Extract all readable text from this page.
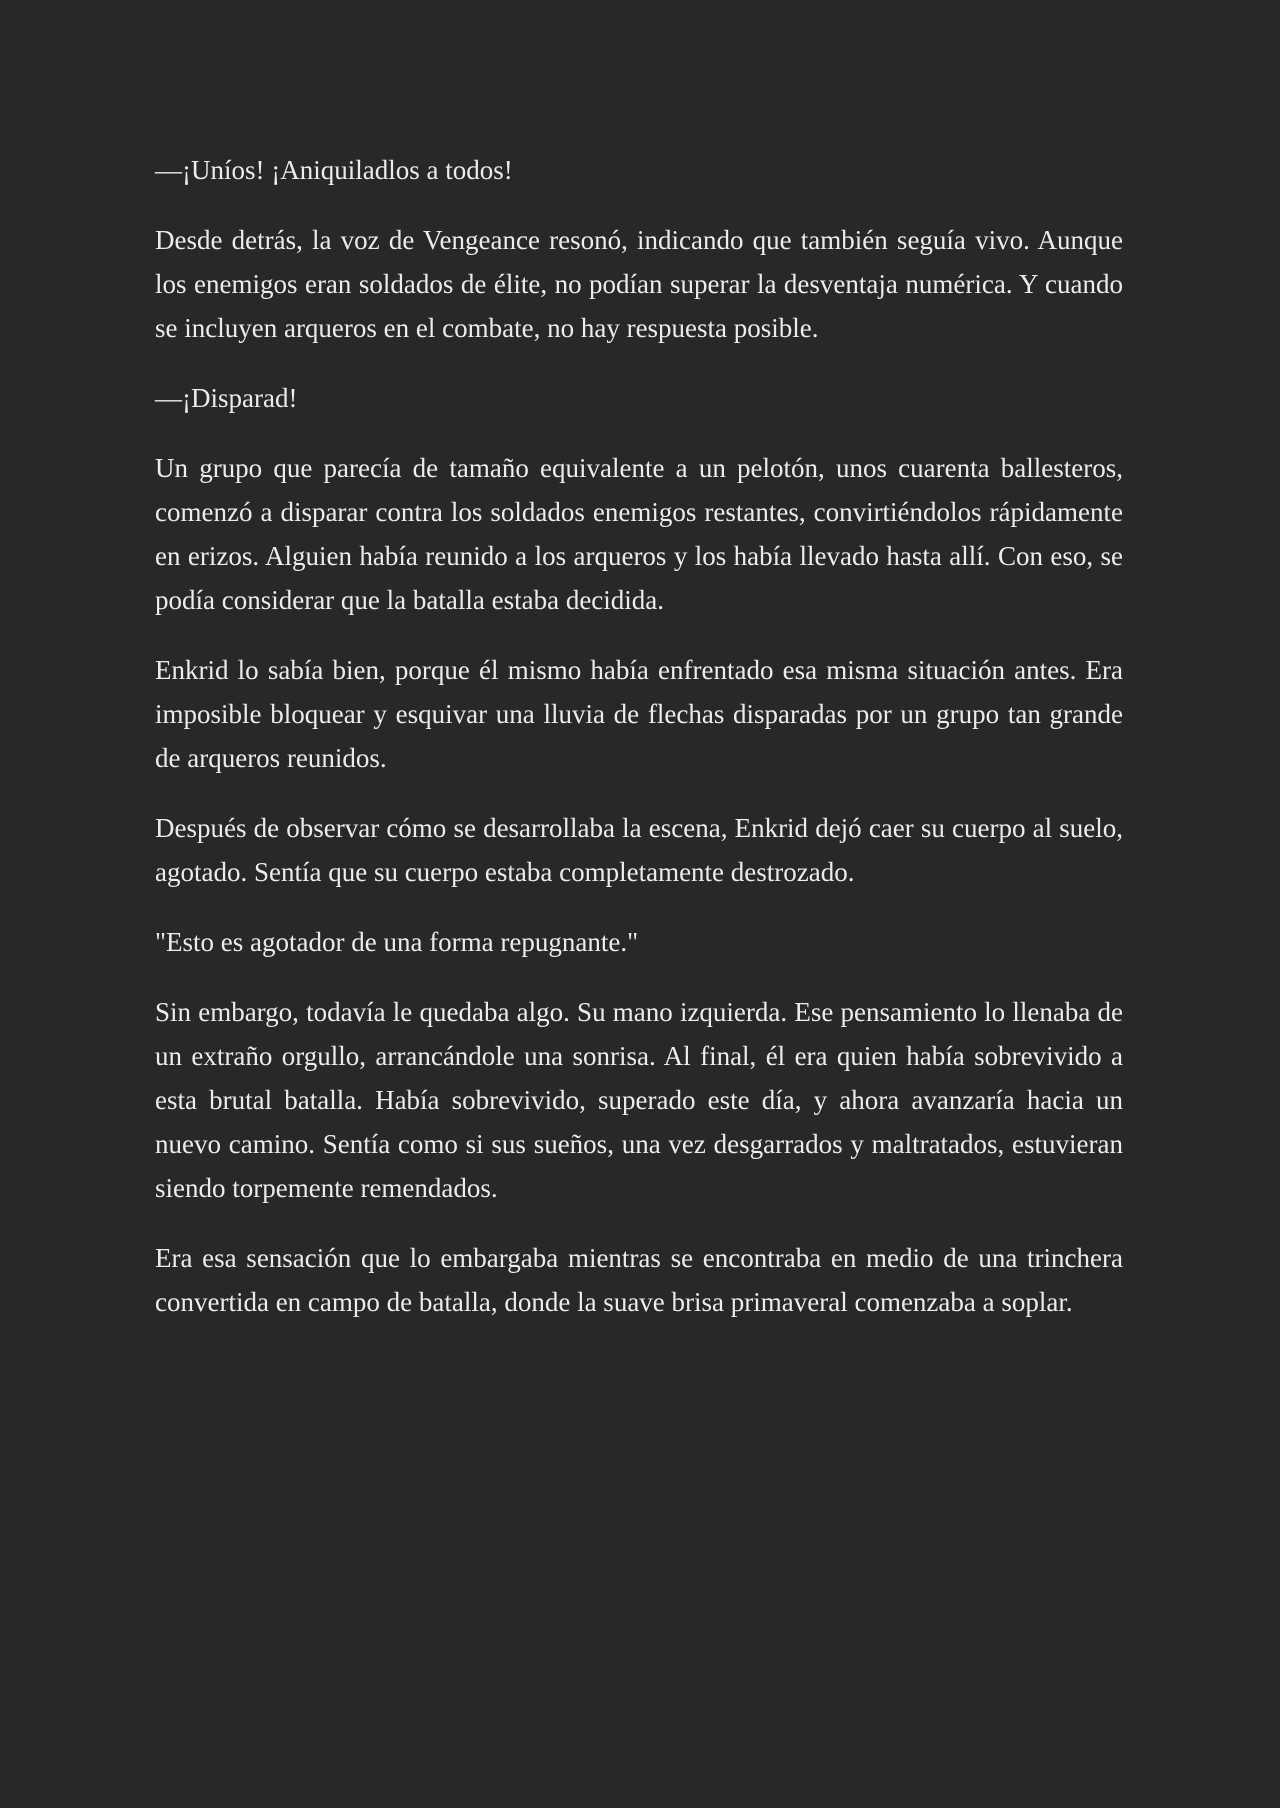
—¡Uníos! ¡Aniquiladlos a todos!

Desde detrás, la voz de Vengeance resonó, indicando que también seguía vivo. Aunque los enemigos eran soldados de élite, no podían superar la desventaja numérica. Y cuando se incluyen arqueros en el combate, no hay respuesta posible.

—¡Disparad!

Un grupo que parecía de tamaño equivalente a un pelotón, unos cuarenta ballesteros, comenzó a disparar contra los soldados enemigos restantes, convirtiéndolos rápidamente en erizos. Alguien había reunido a los arqueros y los había llevado hasta allí. Con eso, se podía considerar que la batalla estaba decidida.

Enkrid lo sabía bien, porque él mismo había enfrentado esa misma situación antes. Era imposible bloquear y esquivar una lluvia de flechas disparadas por un grupo tan grande de arqueros reunidos.

Después de observar cómo se desarrollaba la escena, Enkrid dejó caer su cuerpo al suelo, agotado. Sentía que su cuerpo estaba completamente destrozado.

"Esto es agotador de una forma repugnante."

Sin embargo, todavía le quedaba algo. Su mano izquierda. Ese pensamiento lo llenaba de un extraño orgullo, arrancándole una sonrisa. Al final, él era quien había sobrevivido a esta brutal batalla. Había sobrevivido, superado este día, y ahora avanzaría hacia un nuevo camino. Sentía como si sus sueños, una vez desgarrados y maltratados, estuvieran siendo torpemente remendados.

Era esa sensación que lo embargaba mientras se encontraba en medio de una trinchera convertida en campo de batalla, donde la suave brisa primaveral comenzaba a soplar.
